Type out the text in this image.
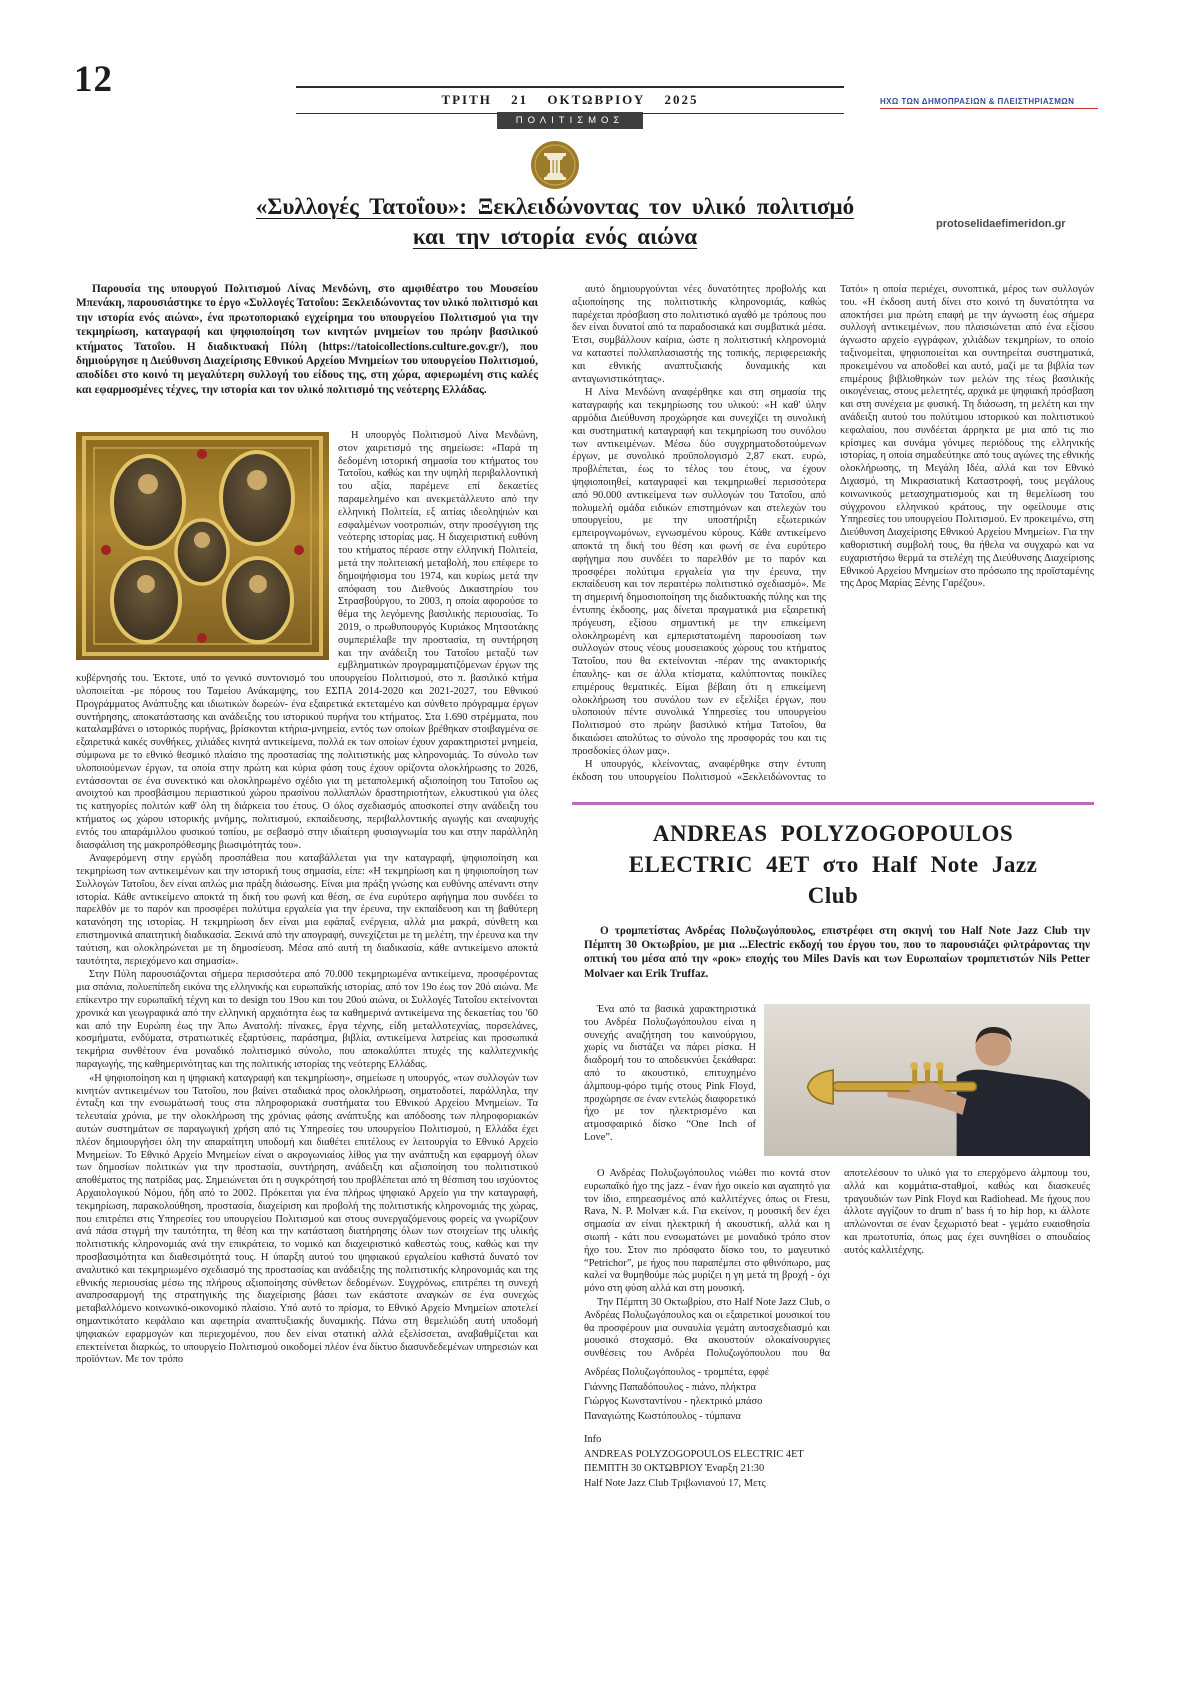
12	ΤΡΙΤΗ 21 ΟΚΤΩΒΡΙΟΥ 2025
ΠΟΛΙΤΙΣΜΟΣ
ΗΧΩ ΤΩΝ ΔΗΜΟΠΡΑΣΙΩΝ & ΠΛΕΙΣΤΗΡΙΑΣΜΩΝ
«Συλλογές Τατοΐου»: Ξεκλειδώνοντας τον υλικό πολιτισμό
και την ιστορία ενός αιώνα	protoselidaefimeridon.gr

Παρουσία της υπουργού Πολιτισμού Λίνας Μενδώνη, στο αμφιθέατρο του Μουσείου Μπενάκη, παρουσιάστηκε το έργο «Συλλογές Τατοΐου: Ξεκλειδώνοντας τον υλικό πολιτισμό και την ιστορία ενός αιώνα», ένα πρωτοποριακό εγχείρημα του υπουργείου Πολιτισμού για την τεκμηρίωση, καταγραφή και ψηφιοποίηση των κινητών μνημείων του πρώην βασιλικού κτήματος Τατοΐου. Η διαδικτυακή Πύλη (https://tatoicollections.culture.gov.gr/), που δημιούργησε η Διεύθυνση Διαχείρισης Εθνικού Αρχείου Μνημείων του υπουργείου Πολιτισμού, αποδίδει στο κοινό τη μεγαλύτερη συλλογή του είδους της, στη χώρα, αφιερωμένη στις καλές και εφαρμοσμένες τέχνες, την ιστορία και τον υλικό πολιτισμό της νεότερης Ελλάδας.

Η υπουργός Πολιτισμού Λίνα Μενδώνη, στον χαιρετισμό της σημείωσε: «Παρά τη δεδομένη ιστορική σημασία του κτήματος του Τατοΐου, καθώς και την υψηλή περιβαλλοντική του αξία, παρέμενε επί δεκαετίες παραμελημένο και ανεκμετάλλευτο από την ελληνική Πολιτεία, εξ αιτίας ιδεοληψιών και εσφαλμένων νοοτροπιών, στην προσέγγιση της νεότερης ιστορίας μας. Η διαχειριστική ευθύνη του κτήματος πέρασε στην ελληνική Πολιτεία, μετά την πολιτειακή μεταβολή, που επέφερε το δημοψήφισμα του 1974, και κυρίως μετά την απόφαση του Διεθνούς Δικαστηρίου του Στρασβούργου, το 2003, η οποία αφορούσε το θέμα της λεγόμενης βασιλικής περιουσίας. Το 2019, ο πρωθυπουργός Κυριάκος Μητσοτάκης συμπεριέλαβε την προστασία, τη συντήρηση και την ανάδειξη του Τατοΐου μεταξύ των εμβληματικών προγραμματιζόμενων έργων της κυβέρνησής του. Έκτοτε, υπό το γενικό συντονισμό του υπουργείου Πολιτισμού, στο π. βασιλικό κτήμα υλοποιείται -με πόρους του Ταμείου Ανάκαμψης, του ΕΣΠΑ 2014-2020 και 2021-2027, του Εθνικού Προγράμματος Ανάπτυξης και ιδιωτικών δωρεών- ένα εξαιρετικά εκτεταμένο και σύνθετο πρόγραμμα έργων συντήρησης, αποκατάστασης και ανάδειξης του ιστορικού πυρήνα του κτήματος. Στα 1.690 στρέμματα, που καταλαμβάνει ο ιστορικός πυρήνας, βρίσκονται κτήρια-μνημεία, εντός των οποίων βρέθηκαν στοιβαγμένα σε εξαιρετικά κακές συνθήκες, χιλιάδες κινητά αντικείμενα, πολλά εκ των οποίων έχουν χαρακτηριστεί μνημεία, σύμφωνα με το εθνικό θεσμικό πλαίσιο της προστασίας της πολιτιστικής μας κληρονομιάς. Το σύνολο των υλοποιούμενων έργων, τα οποία στην πρώτη και κύρια φάση τους έχουν ορίζοντα ολοκλήρωσης το 2026, εντάσσονται σε ένα συνεκτικό και ολοκληρωμένο σχέδιο για τη μεταπολεμική αξιοποίηση του Τατοΐου ως ανοιχτού και προσβάσιμου περιαστικού χώρου πρασίνου πολλαπλών δραστηριοτήτων, ελκυστικού για όλες τις κατηγορίες πολιτών καθ' όλη τη διάρκεια του έτους. Ο όλος σχεδιασμός αποσκοπεί στην ανάδειξη του κτήματος ως χώρου ιστορικής μνήμης, πολιτισμού, εκπαίδευσης, περιβαλλοντικής αγωγής και αναψυχής εντός του απαράμιλλου φυσικού τοπίου, με σεβασμό στην ιδιαίτερη φυσιογνωμία του και στην παράλληλη διασφάλιση της μακροπρόθεσμης βιωσιμότητάς του».

Αναφερόμενη στην εργώδη προσπάθεια που καταβάλλεται για την καταγραφή, ψηφιοποίηση και τεκμηρίωση των αντικειμένων και την ιστορική τους σημασία, είπε: «Η τεκμηρίωση και η ψηφιοποίηση των Συλλογών Τατοΐου, δεν είναι απλώς μια πράξη διάσωσης. Είναι μια πράξη γνώσης και ευθύνης απέναντι στην ιστορία. Κάθε αντικείμενο αποκτά τη δική του φωνή και θέση, σε ένα ευρύτερο αφήγημα που συνδέει το παρελθόν με το παρόν και προσφέρει πολύτιμα εργαλεία για την έρευνα, την εκπαίδευση και τη βαθύτερη κατανόηση της ιστορίας. Η τεκμηρίωση δεν είναι μια εφάπαξ ενέργεια, αλλά μια μακρά, σύνθετη και επιστημονικά απαιτητική διαδικασία. Ξεκινά από την απογραφή, συνεχίζεται με τη μελέτη, την έρευνα και την ταύτιση, και ολοκληρώνεται με τη δημοσίευση. Μέσα από αυτή τη διαδικασία, κάθε αντικείμενο αποκτά ταυτότητα, περιεχόμενο και σημασία».

Στην Πύλη παρουσιάζονται σήμερα περισσότερα από 70.000 τεκμηριωμένα αντικείμενα, προσφέροντας μια σπάνια, πολυεπίπεδη εικόνα της ελληνικής και ευρωπαϊκής ιστορίας, από τον 19ο έως τον 20ό αιώνα. Με επίκεντρο την ευρωπαϊκή τέχνη και το design του 19ου και του 20ού αιώνα, οι Συλλογές Τατοΐου εκτείνονται χρονικά και γεωγραφικά από την ελληνική αρχαιότητα έως τα καθημερινά αντικείμενα της δεκαετίας του '60 και από την Ευρώπη έως την Άπω Ανατολή: πίνακες, έργα τέχνης, είδη μεταλλοτεχνίας, πορσελάνες, κοσμήματα, ενδύματα, στρατιωτικές εξαρτύσεις, παράσημα, βιβλία, αντικείμενα λατρείας και προσωπικά τεκμήρια συνθέτουν ένα μοναδικό πολιτισμικό σύνολο, που αποκαλύπτει πτυχές της καλλιτεχνικής παραγωγής, της καθημερινότητας και της πολιτικής ιστορίας της νεότερης Ελλάδας.

«Η ψηφιοποίηση και η ψηφιακή καταγραφή και τεκμηρίωση», σημείωσε η υπουργός, «των συλλογών των κινητών αντικειμένων του Τατοΐου, που βαίνει σταδιακά προς ολοκλήρωση, σηματοδοτεί, παράλληλα, την ένταξη και την ενσωμάτωσή τους στα πληροφοριακά συστήματα του Εθνικού Αρχείου Μνημείων. Τα τελευταία χρόνια, με την ολοκλήρωση της χρόνιας φάσης ανάπτυξης και απόδοσης των πληροφοριακών αυτών συστημάτων σε παραγωγική χρήση από τις Υπηρεσίες του υπουργείου Πολιτισμού, η Ελλάδα έχει πλέον δημιουργήσει όλη την απαραίτητη υποδομή και διαθέτει επιτέλους εν λειτουργία το Εθνικό Αρχείο Μνημείων. Το Εθνικό Αρχείο Μνημείων είναι ο ακρογωνιαίος λίθος για την ανάπτυξη και εφαρμογή όλων των δημοσίων πολιτικών για την προστασία, συντήρηση, ανάδειξη και αξιοποίηση του πολιτιστικού αποθέματος της πατρίδας μας. Σημειώνεται ότι η συγκρότησή του προβλέπεται από τη θέσπιση του ισχύοντος Αρχαιολογικού Νόμου, ήδη από το 2002. Πρόκειται για ένα πλήρως ψηφιακό Αρχείο για την καταγραφή, τεκμηρίωση, παρακολούθηση, προστασία, διαχείριση και προβολή της πολιτιστικής κληρονομιάς της χώρας, που επιτρέπει στις Υπηρεσίες του υπουργείου Πολιτισμού και στους συνεργαζόμενους φορείς να γνωρίζουν ανά πάσα στιγμή την ταυτότητα, τη θέση και την κατάσταση διατήρησης όλων των στοιχείων της υλικής πολιτιστικής κληρονομιάς ανά την επικράτεια, το νομικό και διαχειριστικό καθεστώς τους, καθώς και την προσβασιμότητα και διαθεσιμότητά τους. Η ύπαρξη αυτού του ψηφιακού εργαλείου καθιστά δυνατό τον αναλυτικό και τεκμηριωμένο σχεδιασμό της προστασίας και ανάδειξης της πολιτιστικής κληρονομιάς και της εθνικής περιουσίας μέσω της πλήρους αξιοποίησης σύνθετων δεδομένων. Συγχρόνως, επιτρέπει τη συνεχή αναπροσαρμογή της στρατηγικής της διαχείρισης βάσει των εκάστοτε αναγκών σε ένα συνεχώς μεταβαλλόμενο κοινωνικό-οικονομικό πλαίσιο. Υπό αυτό το πρίσμα, το Εθνικό Αρχείο Μνημείων αποτελεί σημαντικότατο κεφάλαιο και αφετηρία αναπτυξιακής δυναμικής. Πάνω στη θεμελιώδη αυτή υποδομή ψηφιακών εφαρμογών και περιεχομένου, που δεν είναι στατική αλλά εξελίσσεται, αναβαθμίζεται και επεκτείνεται διαρκώς, το υπουργείο Πολιτισμού οικοδομεί πλέον ένα δίκτυο διασυνδεδεμένων υπηρεσιών και προϊόντων. Με τον τρόπο

αυτό δημιουργούνται νέες δυνατότητες προβολής και αξιοποίησης της πολιτιστικής κληρονομιάς, καθώς παρέχεται πρόσβαση στο πολιτιστικό αγαθό με τρόπους που δεν είναι δυνατοί από τα παραδοσιακά και συμβατικά μέσα. Έτσι, συμβάλλουν καίρια, ώστε η πολιτιστική κληρονομιά να καταστεί πολλαπλασιαστής της τοπικής, περιφερειακής και εθνικής αναπτυξιακής δυναμικής και ανταγωνιστικότητας».

Η Λίνα Μενδώνη αναφέρθηκε και στη σημασία της καταγραφής και τεκμηρίωσης του υλικού: «Η καθ' ύλην αρμόδια Διεύθυνση προχώρησε και συνεχίζει τη συνολική και συστηματική καταγραφή και τεκμηρίωση του συνόλου των αντικειμένων. Μέσω δύο συγχρηματοδοτούμενων έργων, με συνολικό προϋπολογισμό 2,87 εκατ. ευρώ, προβλέπεται, έως το τέλος του έτους, να έχουν ψηφιοποιηθεί, καταγραφεί και τεκμηριωθεί περισσότερα από 90.000 αντικείμενα των συλλογών του Τατοΐου, από πολυμελή ομάδα ειδικών επιστημόνων και στελεχών του υπουργείου, με την υποστήριξη εξωτερικών εμπειρογνωμόνων, εγνωσμένου κύρους. Κάθε αντικείμενο αποκτά τη δική του θέση και φωνή σε ένα ευρύτερο αφήγημα που συνδέει το παρελθόν με το παρόν και προσφέρει πολύτιμα εργαλεία για την έρευνα, την εκπαίδευση και τον περαιτέρω πολιτιστικό σχεδιασμό». Με τη σημερινή δημοσιοποίηση της διαδικτυακής πύλης και της έντυπης έκδοσης, μας δίνεται πραγματικά μια εξαιρετική πρόγευση, εξίσου σημαντική με την επικείμενη ολοκληρωμένη και εμπεριστατωμένη παρουσίαση των συλλογών στους νέους μουσειακούς χώρους του κτήματος Τατοΐου, που θα εκτείνονται -πέραν της ανακτορικής έπαυλης- και σε άλλα κτίσματα, καλύπτοντας ποικίλες επιμέρους θεματικές. Είμαι βέβαιη ότι η επικείμενη ολοκλήρωση του συνόλου των εν εξελίξει έργων, που υλοποιούν πέντε συνολικά Υπηρεσίες του υπουργείου Πολιτισμού στο πρώην βασιλικό κτήμα Τατοΐου, θα δικαιώσει απολύτως το σύνολο της προσφοράς του και τις προσδοκίες όλων μας».

Η υπουργός, κλείνοντας, αναφέρθηκε στην έντυπη έκδοση του υπουργείου Πολιτισμού «Ξεκλειδώνοντας το Τατόι» η οποία περιέχει, συνοπτικά, μέρος των συλλογών του. «Η έκδοση αυτή δίνει στο κοινό τη δυνατότητα να αποκτήσει μια πρώτη επαφή με την άγνωστη έως σήμερα συλλογή αντικειμένων, που πλαισιώνεται από ένα εξίσου άγνωστο αρχείο εγγράφων, χιλιάδων τεκμηρίων, το οποίο ταξινομείται, ψηφιοποιείται και συντηρείται συστηματικά, προκειμένου να αποδοθεί και αυτό, μαζί με τα βιβλία των επιμέρους βιβλιοθηκών των μελών της τέως βασιλικής οικογένειας, στους μελετητές, αρχικά με ψηφιακή πρόσβαση και στη συνέχεια με φυσική. Τη διάσωση, τη μελέτη και την ανάδειξη αυτού του πολύτιμου ιστορικού και πολιτιστικού κεφαλαίου, που συνδέεται άρρηκτα με μια από τις πιο κρίσιμες και συνάμα γόνιμες περιόδους της ελληνικής ιστορίας, η οποία σημαδεύτηκε από τους αγώνες της εθνικής ολοκλήρωσης, τη Μεγάλη Ιδέα, αλλά και τον Εθνικό Διχασμό, τη Μικρασιατική Καταστροφή, τους μεγάλους κοινωνικούς μετασχηματισμούς και τη θεμελίωση του σύγχρονου ελληνικού κράτους, την οφείλουμε στις Υπηρεσίες του υπουργείου Πολιτισμού. Εν προκειμένω, στη Διεύθυνση Διαχείρισης Εθνικού Αρχείου Μνημείων. Για την καθοριστική συμβολή τους, θα ήθελα να συγχαρώ και να ευχαριστήσω θερμά τα στελέχη της Διεύθυνσης Διαχείρισης Εθνικού Αρχείου Μνημείων στο πρόσωπο της προϊσταμένης της Δρος Μαρίας Ξένης Γαρέζου».

ANDREAS POLYZOGOPOULOS
ELECTRIC 4ET στο Half Note Jazz
Club

Ο τρομπετίστας Ανδρέας Πολυζωγόπουλος, επιστρέφει στη σκηνή του Half Note Jazz Club την Πέμπτη 30 Οκτωβρίου, με μια ...Electric εκδοχή του έργου του, που το παρουσιάζει φιλτράροντας την οπτική του μέσα από την «ροκ» εποχής του Miles Davis και των Ευρωπαίων τρομπετιστών Nils Petter Molvaer και Erik Truffaz.

Ένα από τα βασικά χαρακτηριστικά του Ανδρέα Πολυζωγόπουλου είναι η συνεχής αναζήτηση του καινούργιου, χωρίς να διστάζει να πάρει ρίσκα. Η διαδρομή του το αποδεικνύει ξεκάθαρα: από το ακουστικό, επιτυχημένο άλμπουμ-φόρο τιμής στους Pink Floyd, προχώρησε σε έναν εντελώς διαφορετικό ήχο με τον ηλεκτρισμένο και ατμοσφαιρικό δίσκο “One Inch of Love”.

Ο Ανδρέας Πολυζωγόπουλος νιώθει πιο κοντά στον ευρωπαϊκό ήχο της jazz - έναν ήχο οικείο και αγαπητό για τον ίδιο, επηρεασμένος από καλλιτέχνες όπως οι Fresu, Rava, N. P. Molvær κ.ά. Για εκείνον, η μουσική δεν έχει σημασία αν είναι ηλεκτρική ή ακουστική, αλλά και η σιωπή - κάτι που ενσωματώνει με μοναδικό τρόπο στον ήχο του. Στον πιο πρόσφατο δίσκο του, το μαγευτικό “Petrichor”, με ήχος που παραπέμπει στο φθινόπωρο, μας καλεί να θυμηθούμε πώς μυρίζει η γη μετά τη βροχή - όχι μόνο στη φύση αλλά και στη μουσική.

Την Πέμπτη 30 Οκτωβρίου, στο Half Note Jazz Club, ο Ανδρέας Πολυζωγόπουλος και οι εξαιρετικοί μουσικοί του θα προσφέρουν μια συναυλία γεμάτη αυτοσχεδιασμό και μουσικό στοχασμό. Θα ακουστούν ολοκαίνουργιες συνθέσεις του Ανδρέα Πολυζωγόπουλου που θα αποτελέσουν το υλικό για το επερχόμενο άλμπουμ του, αλλά και κομμάτια-σταθμοί, καθώς και διασκευές τραγουδιών των Pink Floyd και Radiohead. Με ήχους που άλλοτε αγγίζουν το drum n' bass ή το hip hop, κι άλλοτε απλώνονται σε έναν ξεχωριστό beat - γεμάτο ευαισθησία και πρωτοτυπία, όπως μας έχει συνηθίσει ο σπουδαίος αυτός καλλιτέχνης.

Ανδρέας Πολυζωγόπουλος - τρομπέτα, εφφέ
Γιάννης Παπαδόπουλος - πιάνο, πλήκτρα
Γιώργος Κωνσταντίνου - ηλεκτρικό μπάσο
Παναγιώτης Κωστόπουλος - τύμπανα
Info
ANDREAS POLYZOGOPOULOS ELECTRIC 4ET
ΠΕΜΠΤΗ 30 ΟΚΤΩΒΡΙΟΥ Έναρξη 21:30
Half Note Jazz Club Τριβωνιανού 17, Μετς
